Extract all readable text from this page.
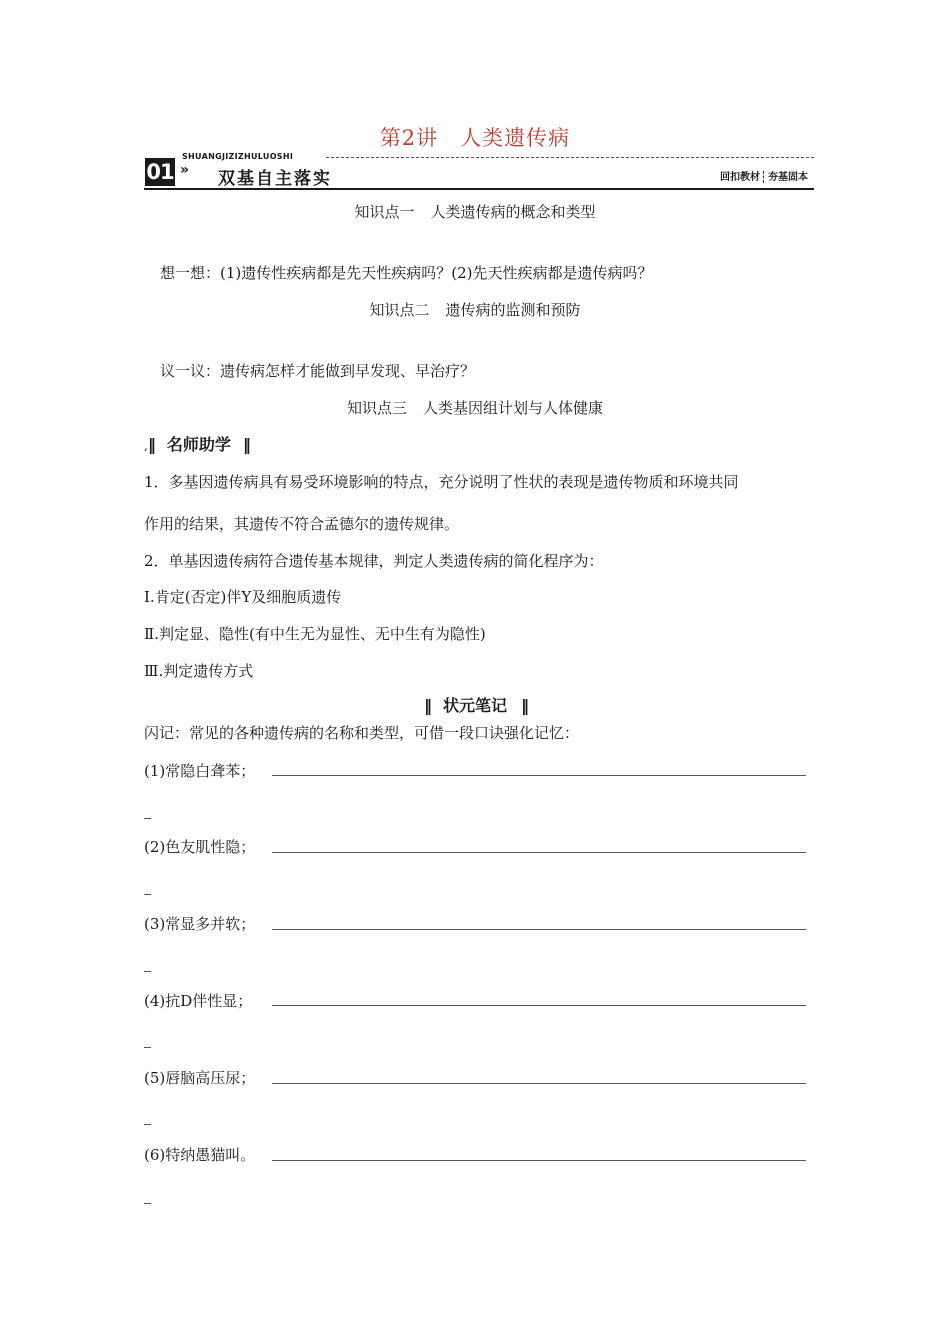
第2讲 人类遗传病
01
SHUANGJIZIZHULUOSHI
» 双基自主落实	回扣教材 夯基固本
知识点一 人类遗传病的概念和类型
想一想：(1)遗传性疾病都是先天性疾病吗？(2)先天性疾病都是遗传病吗？
知识点二 遗传病的监测和预防
议一议：遗传病怎样才能做到早发现、早治疗？
知识点三 人类基因组计划与人体健康
,‖ 名师助学 ‖
1．多基因遗传病具有易受环境影响的特点，充分说明了性状的表现是遗传物质和环境共同
作用的结果，其遗传不符合孟德尔的遗传规律。
2．单基因遗传病符合遗传基本规律，判定人类遗传病的简化程序为：
Ⅰ.肯定(否定)伴Y及细胞质遗传
Ⅱ.判定显、隐性(有中生无为显性、无中生有为隐性)
Ⅲ.判定遗传方式
‖ 状元笔记 ‖
闪记：常见的各种遗传病的名称和类型，可借一段口诀强化记忆：
(1)常隐白聋苯；
(2)色友肌性隐；
(3)常显多并软；
(4)抗D伴性显；
(5)唇脑高压尿；
(6)特纳愚猫叫。
